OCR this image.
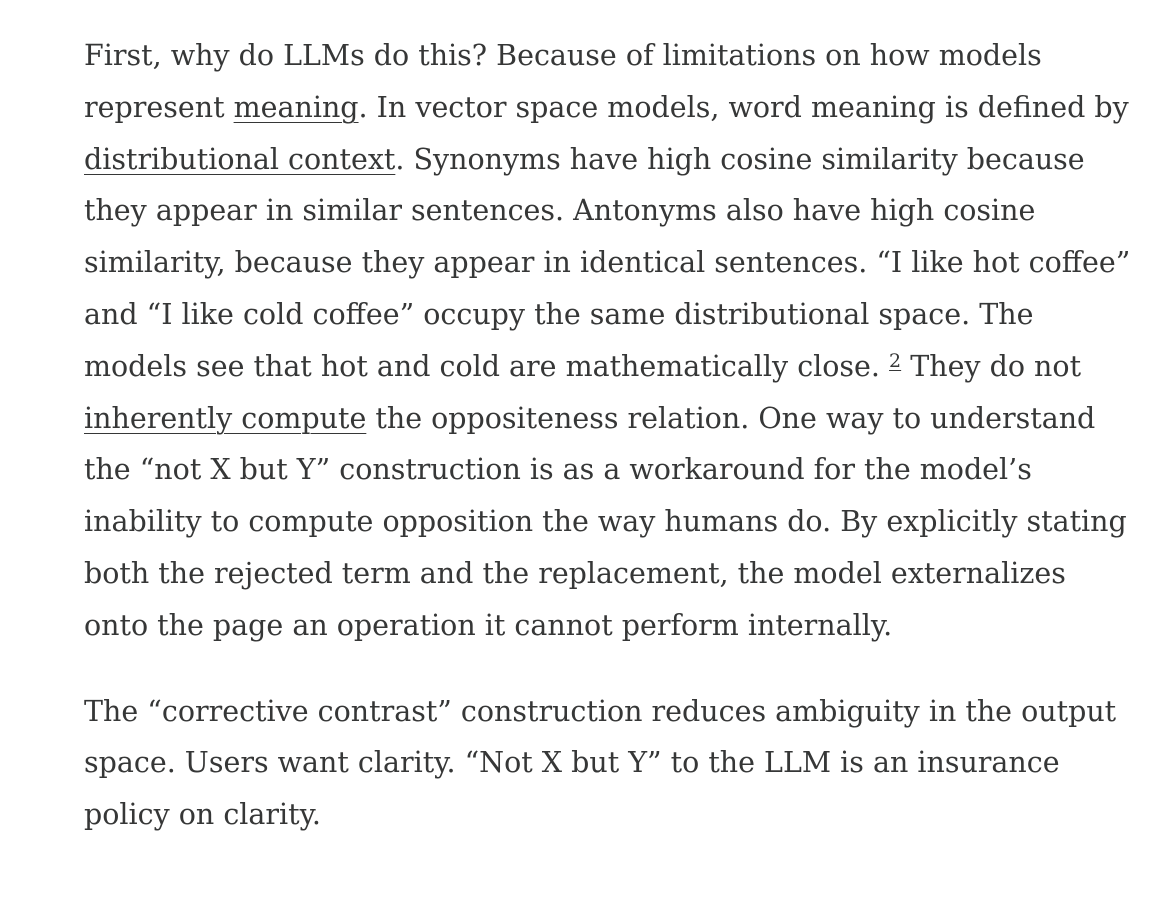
First, why do LLMs do this? Because of limitations on how models represent meaning. In vector space models, word meaning is defined by distributional context. Synonyms have high cosine similarity because they appear in similar sentences. Antonyms also have high cosine similarity, because they appear in identical sentences. “I like hot coffee” and “I like cold coffee” occupy the same distributional space. The models see that hot and cold are mathematically close. $^2$ They do not inherently compute the oppositeness relation. One way to understand the “not X but Y” construction is as a workaround for the model’s inability to compute opposition the way humans do. By explicitly stating both the rejected term and the replacement, the model externalizes onto the page an operation it cannot perform internally.

The “corrective contrast” construction reduces ambiguity in the output space. Users want clarity. “Not X but Y” to the LLM is an insurance policy on clarity.
